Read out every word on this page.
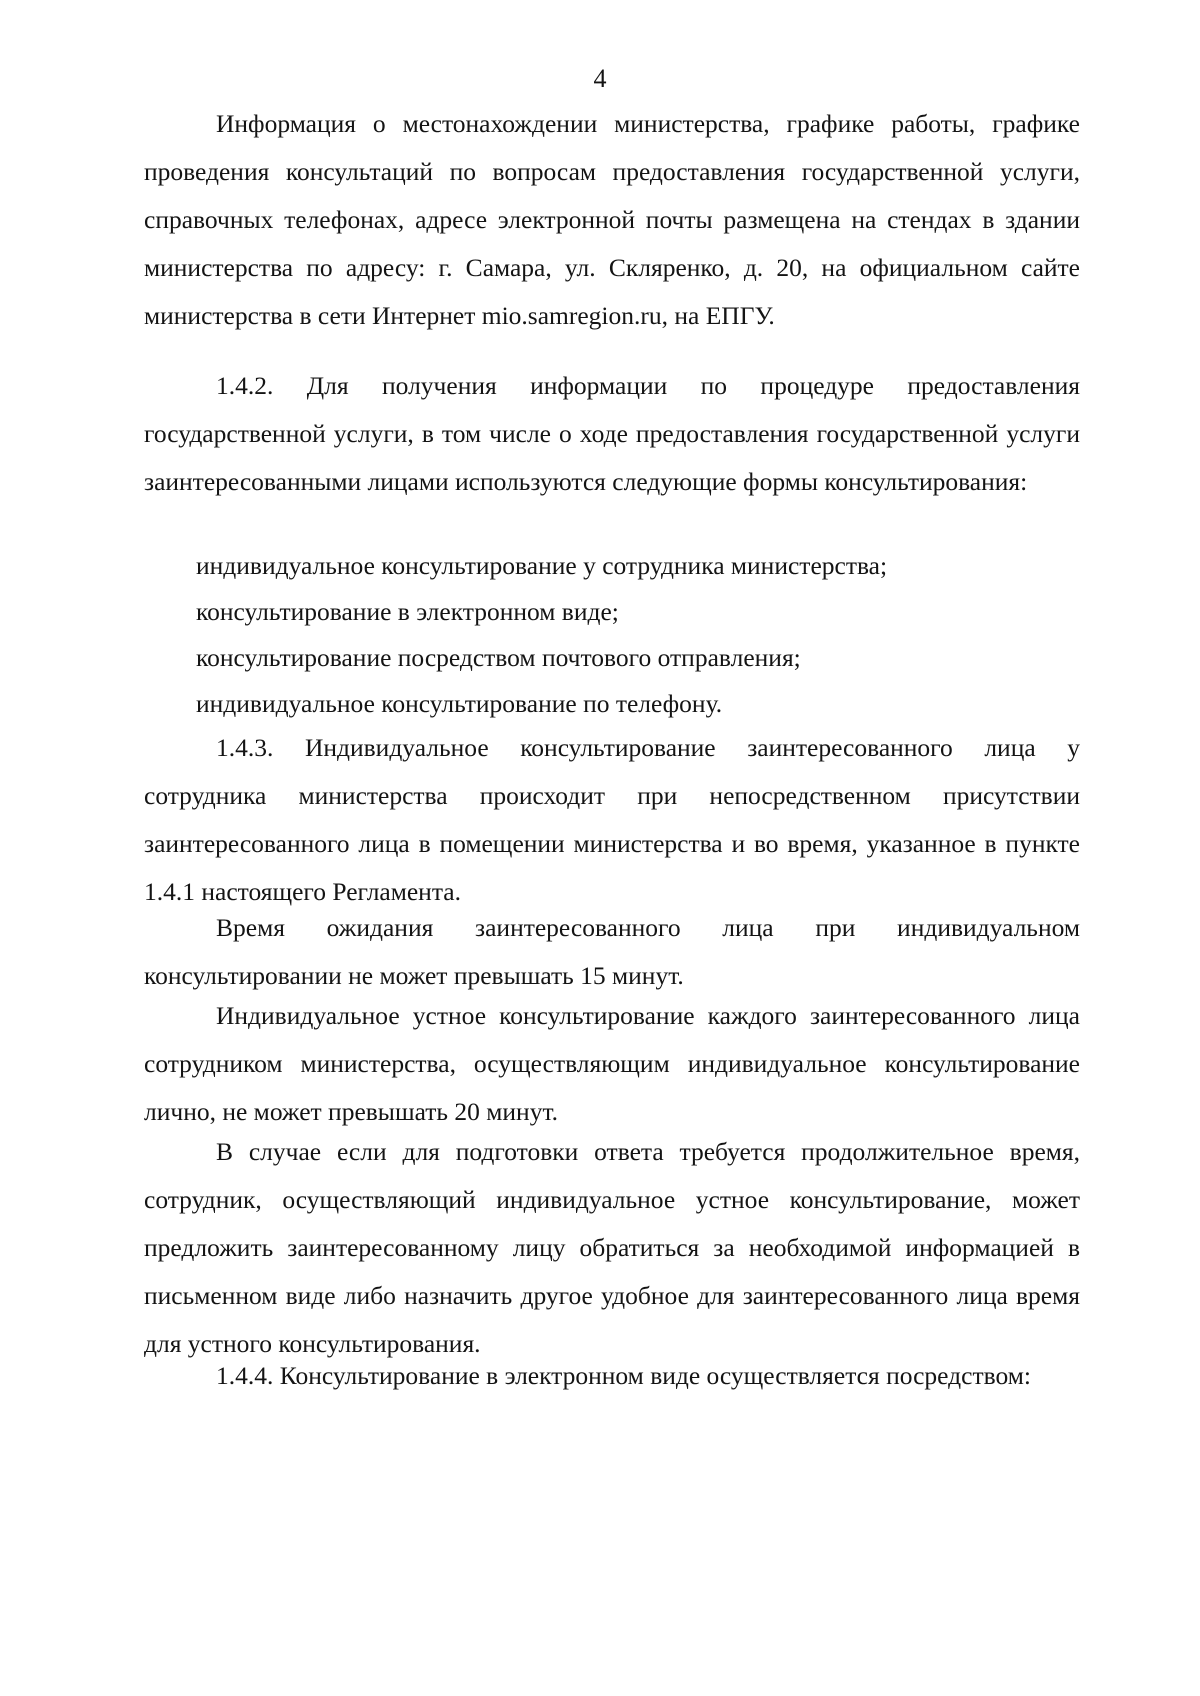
4

Информация о местонахождении министерства, графике работы, графике проведения консультаций по вопросам предоставления государственной услуги, справочных телефонах, адресе электронной почты размещена на стендах в здании министерства по адресу: г. Самара, ул. Скляренко, д. 20, на официальном сайте министерства в сети Интернет mio.samregion.ru, на ЕПГУ.

1.4.2. Для получения информации по процедуре предоставления государственной услуги, в том числе о ходе предоставления государственной услуги заинтересованными лицами используются следующие формы консультирования:

индивидуальное консультирование у сотрудника министерства;

консультирование в электронном виде;

консультирование посредством почтового отправления;

индивидуальное консультирование по телефону.

1.4.3. Индивидуальное консультирование заинтересованного лица у сотрудника министерства происходит при непосредственном присутствии заинтересованного лица в помещении министерства и во время, указанное в пункте 1.4.1 настоящего Регламента.

Время ожидания заинтересованного лица при индивидуальном консультировании не может превышать 15 минут.

Индивидуальное устное консультирование каждого заинтересованного лица сотрудником министерства, осуществляющим индивидуальное консультирование лично, не может превышать 20 минут.

В случае если для подготовки ответа требуется продолжительное время, сотрудник, осуществляющий индивидуальное устное консультирование, может предложить заинтересованному лицу обратиться за необходимой информацией в письменном виде либо назначить другое удобное для заинтересованного лица время для устного консультирования.

1.4.4. Консультирование в электронном виде осуществляется посредством:
